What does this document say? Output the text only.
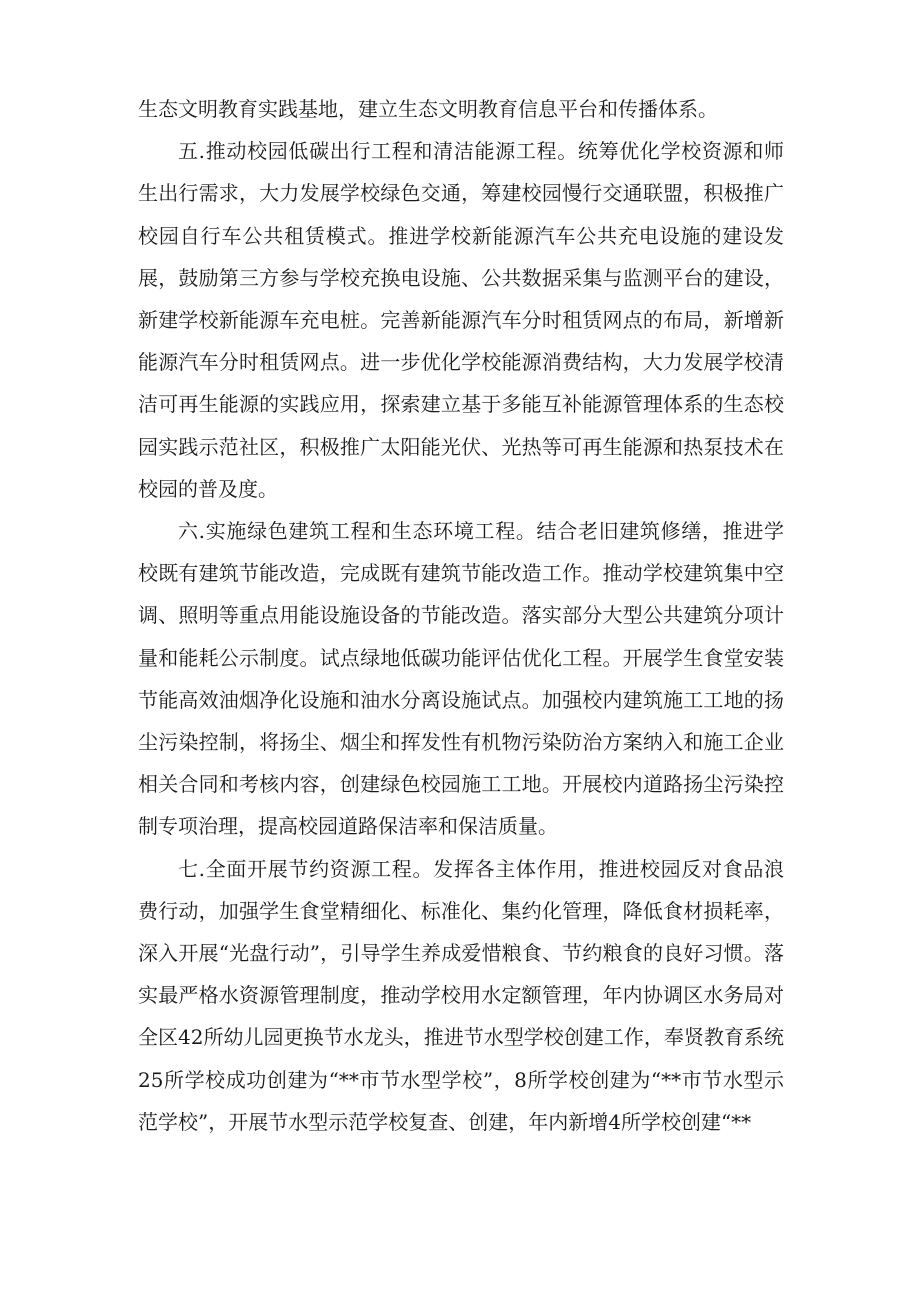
生态文明教育实践基地，建立生态文明教育信息平台和传播体系。

五.推动校园低碳出行工程和清洁能源工程。统筹优化学校资源和师生出行需求，大力发展学校绿色交通，筹建校园慢行交通联盟，积极推广校园自行车公共租赁模式。推进学校新能源汽车公共充电设施的建设发展，鼓励第三方参与学校充换电设施、公共数据采集与监测平台的建设，新建学校新能源车充电桩。完善新能源汽车分时租赁网点的布局，新增新能源汽车分时租赁网点。进一步优化学校能源消费结构，大力发展学校清洁可再生能源的实践应用，探索建立基于多能互补能源管理体系的生态校园实践示范社区，积极推广太阳能光伏、光热等可再生能源和热泵技术在校园的普及度。

六.实施绿色建筑工程和生态环境工程。结合老旧建筑修缮，推进学校既有建筑节能改造，完成既有建筑节能改造工作。推动学校建筑集中空调、照明等重点用能设施设备的节能改造。落实部分大型公共建筑分项计量和能耗公示制度。试点绿地低碳功能评估优化工程。开展学生食堂安装节能高效油烟净化设施和油水分离设施试点。加强校内建筑施工工地的扬尘污染控制，将扬尘、烟尘和挥发性有机物污染防治方案纳入和施工企业相关合同和考核内容，创建绿色校园施工工地。开展校内道路扬尘污染控制专项治理，提高校园道路保洁率和保洁质量。

七.全面开展节约资源工程。发挥各主体作用，推进校园反对食品浪费行动，加强学生食堂精细化、标准化、集约化管理，降低食材损耗率，深入开展“光盘行动”，引导学生养成爱惜粮食、节约粮食的良好习惯。落实最严格水资源管理制度，推动学校用水定额管理，年内协调区水务局对全区42所幼儿园更换节水龙头，推进节水型学校创建工作，奉贤教育系统25所学校成功创建为“**市节水型学校”，8所学校创建为“**市节水型示范学校”，开展节水型示范学校复查、创建，年内新增4所学校创建“**
